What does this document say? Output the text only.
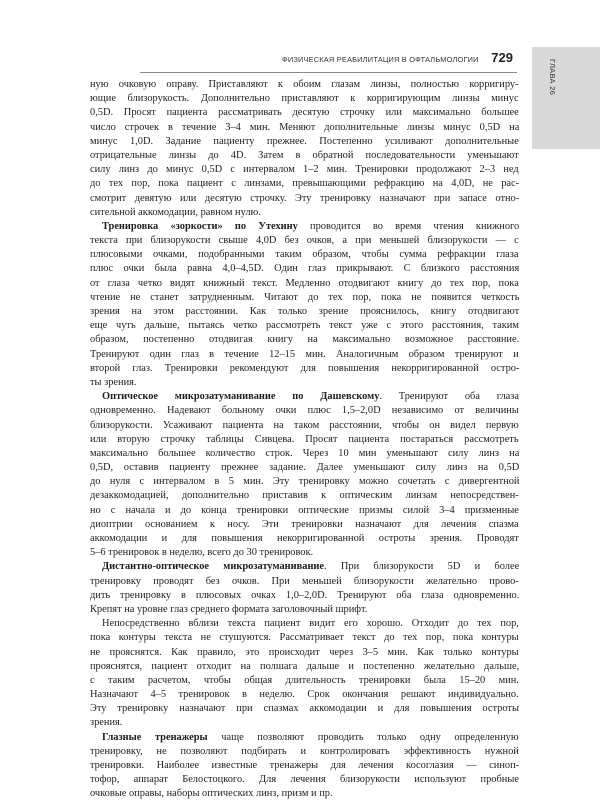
ФИЗИЧЕСКАЯ РЕАБИЛИТАЦИЯ В ОФТАЛЬМОЛОГИИ 729
ГЛАВА 26
ную очковую оправу. Приставляют к обоим глазам линзы, полностью корригиру-
ющие близорукость. Дополнительно приставляют к корригирующим линзы минус
0,5D. Просят пациента рассматривать десятую строчку или максимально большее
число строчек в течение 3–4 мин. Меняют дополнительные линзы минус 0,5D на
минус 1,0D. Задание пациенту прежнее. Постепенно усиливают дополнительные
отрицательные линзы до 4D. Затем в обратной последовательности уменьшают
силу линз до минус 0,5D с интервалом 1–2 мин. Тренировки продолжают 2–3 нед
до тех пор, пока пациент с линзами, превышающими рефракцию на 4,0D, не рас-
смотрит девятую или десятую строчку. Эту тренировку назначают при запасе отно-
сительной аккомодации, равном нулю.
Тренировка «зоркости» по Утехину проводится во время чтения книжного
текста при близорукости свыше 4,0D без очков, а при меньшей близорукости — с
плюсовыми очками, подобранными таким образом, чтобы сумма рефракции глаза
плюс очки была равна 4,0–4,5D. Один глаз прикрывают. С близкого расстояния
от глаза четко видят книжный текст. Медленно отодвигают книгу до тех пор, пока
чтение не станет затрудненным. Читают до тех пор, пока не появится четкость
зрения на этом расстоянии. Как только зрение прояснилось, книгу отодвигают
еще чуть дальше, пытаясь четко рассмотреть текст уже с этого расстояния, таким
образом, постепенно отодвигая книгу на максимально возможное расстояние.
Тренируют один глаз в течение 12–15 мин. Аналогичным образом тренируют и
второй глаз. Тренировки рекомендуют для повышения некорригированной остро-
ты зрения.
Оптическое микрозатуманивание по Дашевскому. Тренируют оба глаза
одновременно. Надевают больному очки плюс 1,5–2,0D независимо от величины
близорукости. Усаживают пациента на таком расстоянии, чтобы он видел первую
или вторую строчку таблицы Сивцева. Просят пациента постараться рассмотреть
максимально большее количество строк. Через 10 мин уменьшают силу линз на
0,5D, оставив пациенту прежнее задание. Далее уменьшают силу линз на 0,5D
до нуля с интервалом в 5 мин. Эту тренировку можно сочетать с дивергентной
дезаккомодацией, дополнительно приставив к оптическим линзам непосредствен-
но с начала и до конца тренировки оптические призмы силой 3–4 призменные
диоптрии основанием к носу. Эти тренировки назначают для лечения спазма
аккомодации и для повышения некорригированной остроты зрения. Проводят
5–6 тренировок в неделю, всего до 30 тренировок.
Дистантно-оптическое микрозатуманивание. При близорукости 5D и более
тренировку проводят без очков. При меньшей близорукости желательно прово-
дить тренировку в плюсовых очках 1,0–2,0D. Тренируют оба глаза одновременно.
Крепят на уровне глаз среднего формата заголовочный шрифт.
Непосредственно вблизи текста пациент видит его хорошо. Отходит до тех пор,
пока контуры текста не стушуются. Рассматривает текст до тех пор, пока контуры
не прояснятся. Как правило, это происходит через 3–5 мин. Как только контуры
прояснятся, пациент отходит на полшага дальше и постепенно желательно дальше,
с таким расчетом, чтобы общая длительность тренировки была 15–20 мин.
Назначают 4–5 тренировок в неделю. Срок окончания решают индивидуально.
Эту тренировку назначают при спазмах аккомодации и для повышения остроты
зрения.
Глазные тренажеры чаще позволяют проводить только одну определенную
тренировку, не позволяют подбирать и контролировать эффективность нужной
тренировки. Наиболее известные тренажеры для лечения косоглазия — синоп-
тофор, аппарат Белостоцкого. Для лечения близорукости используют пробные
очковые оправы, наборы оптических линз, призм и пр.
